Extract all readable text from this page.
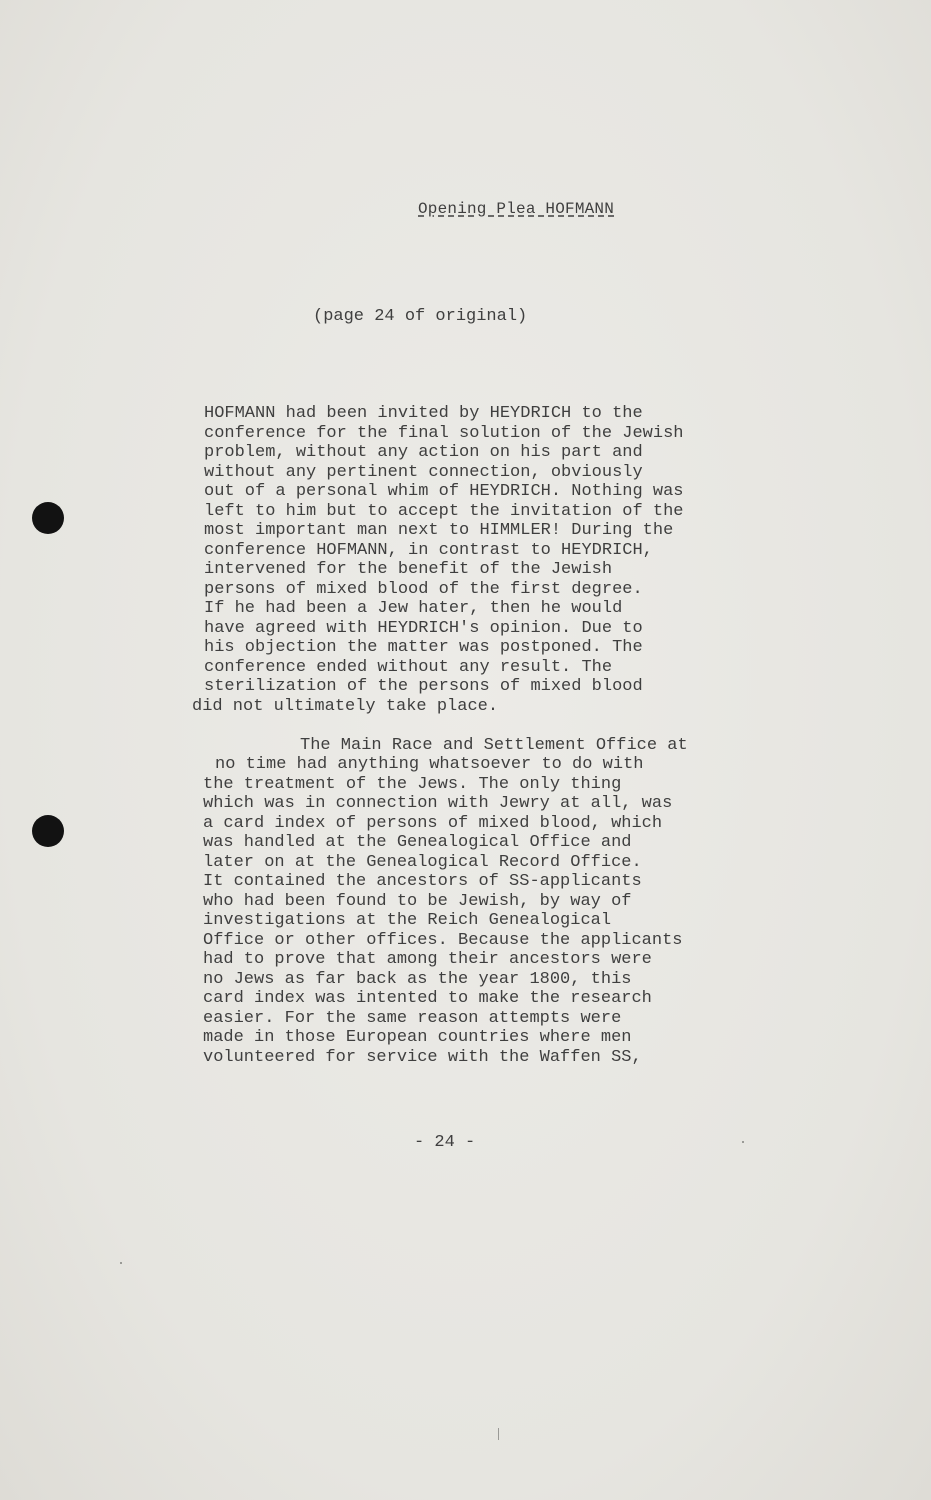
Opening Plea HOFMANN
(page 24 of original)
HOFMANN had been invited by HEYDRICH to the
conference for the final solution of the Jewish
problem, without any action on his part and
without any pertinent connection, obviously
out of a personal whim of HEYDRICH. Nothing was
left to him but to accept the invitation of the
most important man next to HIMMLER! During the
conference HOFMANN, in contrast to HEYDRICH,
intervened for the benefit of the Jewish
persons of mixed blood of the first degree.
If he had been a Jew hater, then he would
have agreed with HEYDRICH's opinion. Due to
his objection the matter was postponed. The
conference ended without any result. The
sterilization of the persons of mixed blood
did not ultimately take place.
The Main Race and Settlement Office at
no time had anything whatsoever to do with
the treatment of the Jews. The only thing
which was in connection with Jewry at all, was
a card index of persons of mixed blood, which
was handled at the Genealogical Office and
later on at the Genealogical Record Office.
It contained the ancestors of SS-applicants
who had been found to be Jewish, by way of
investigations at the Reich Genealogical
Office or other offices. Because the applicants
had to prove that among their ancestors were
no Jews as far back as the year 1800, this
card index was intented to make the research
easier. For the same reason attempts were
made in those European countries where men
volunteered for service with the Waffen SS,
- 24 -
